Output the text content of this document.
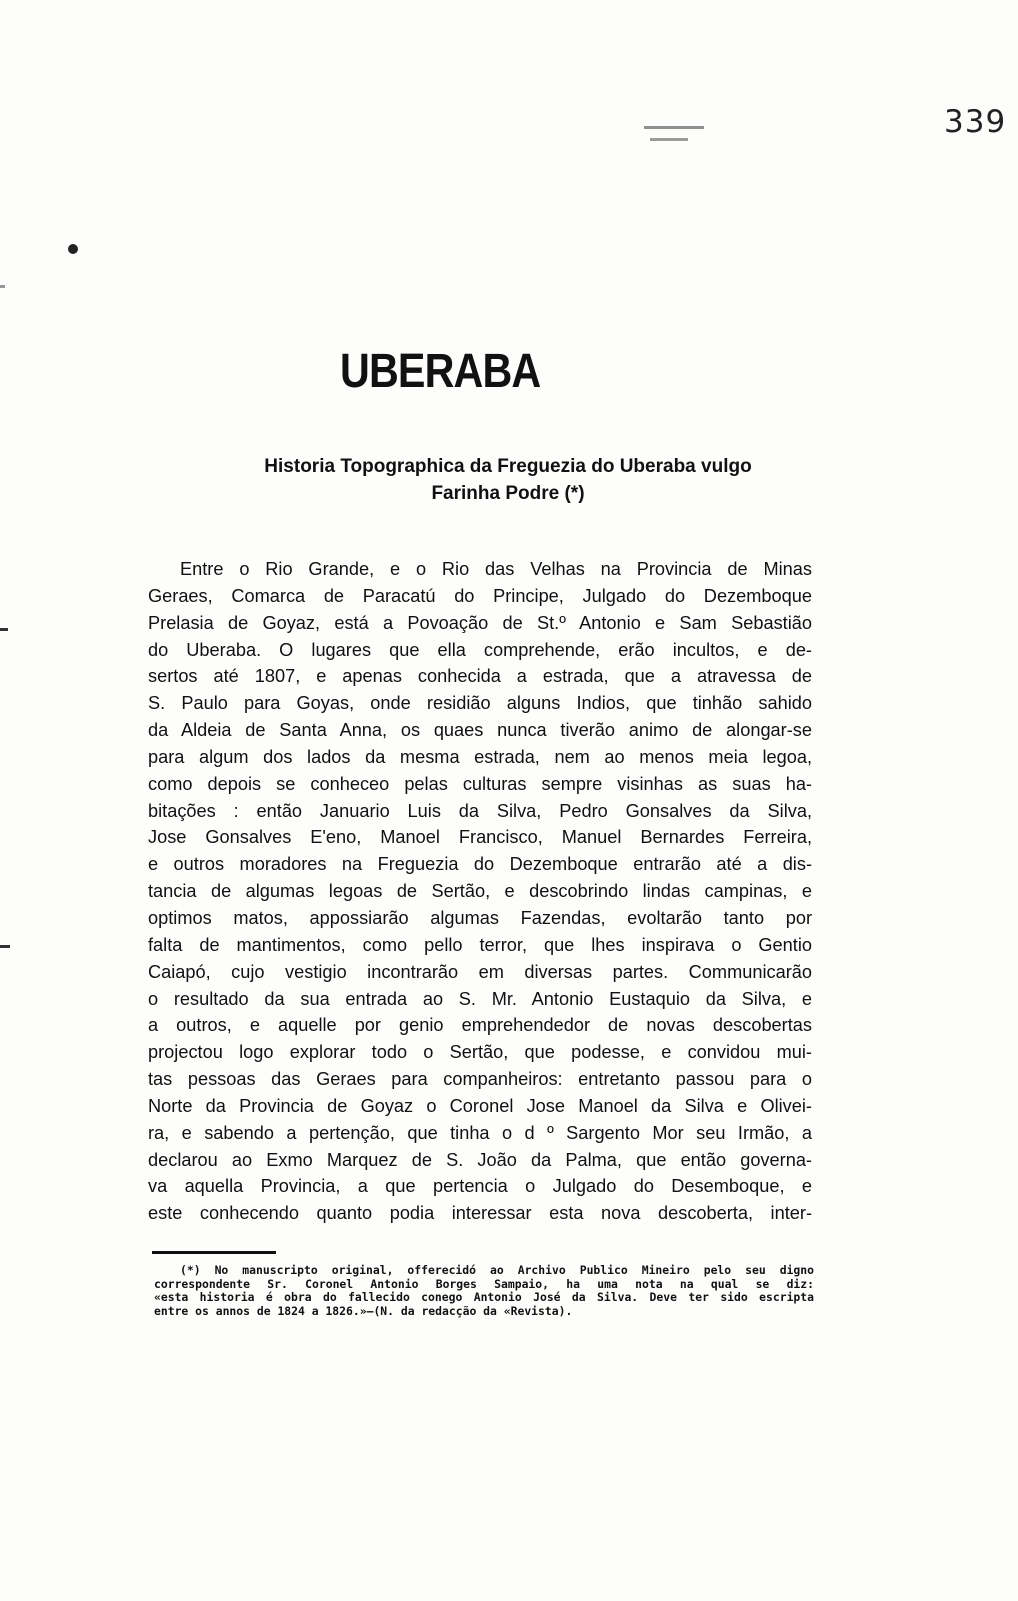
339
UBERABA
Historia Topographica da Freguezia do Uberaba vulgo
Farinha Podre (*)
Entre o Rio Grande, e o Rio das Velhas na Provincia de Minas
Geraes, Comarca de Paracatú do Principe, Julgado do Dezemboque
Prelasia de Goyaz, está a Povoação de St.º Antonio e Sam Sebastião
do Uberaba. O lugares que ella comprehende, erão incultos, e de-
sertos até 1807, e apenas conhecida a estrada, que a atravessa de
S. Paulo para Goyas, onde residião alguns Indios, que tinhão sahido
da Aldeia de Santa Anna, os quaes nunca tiverão animo de alongar-se
para algum dos lados da mesma estrada, nem ao menos meia legoa,
como depois se conheceo pelas culturas sempre visinhas as suas ha-
bitações : então Januario Luis da Silva, Pedro Gonsalves da Silva,
Jose Gonsalves E'eno, Manoel Francisco, Manuel Bernardes Ferreira,
e outros moradores na Freguezia do Dezemboque entrarão até a dis-
tancia de algumas legoas de Sertão, e descobrindo lindas campinas, e
optimos matos, appossiarão algumas Fazendas, evoltarão tanto por
falta de mantimentos, como pello terror, que lhes inspirava o Gentio
Caiapó, cujo vestigio incontrarão em diversas partes. Communicarão
o resultado da sua entrada ao S. Mr. Antonio Eustaquio da Silva, e
a outros, e aquelle por genio emprehendedor de novas descobertas
projectou logo explorar todo o Sertão, que podesse, e convidou mui-
tas pessoas das Geraes para companheiros: entretanto passou para o
Norte da Provincia de Goyaz o Coronel Jose Manoel da Silva e Olivei-
ra, e sabendo a pertenção, que tinha o d º Sargento Mor seu Irmão, a
declarou ao Exmo Marquez de S. João da Palma, que então governa-
va aquella Provincia, a que pertencia o Julgado do Desemboque, e
este conhecendo quanto podia interessar esta nova descoberta, inter-
(*) No manuscripto original, offerecidó ao Archivo Publico Mineiro pelo seu digno
correspondente Sr. Coronel Antonio Borges Sampaio, ha uma nota na qual se diz:
«esta historia é obra do fallecido conego Antonio José da Silva. Deve ter sido escripta
entre os annos de 1824 a 1826.»—(N. da redacção da «Revista).
